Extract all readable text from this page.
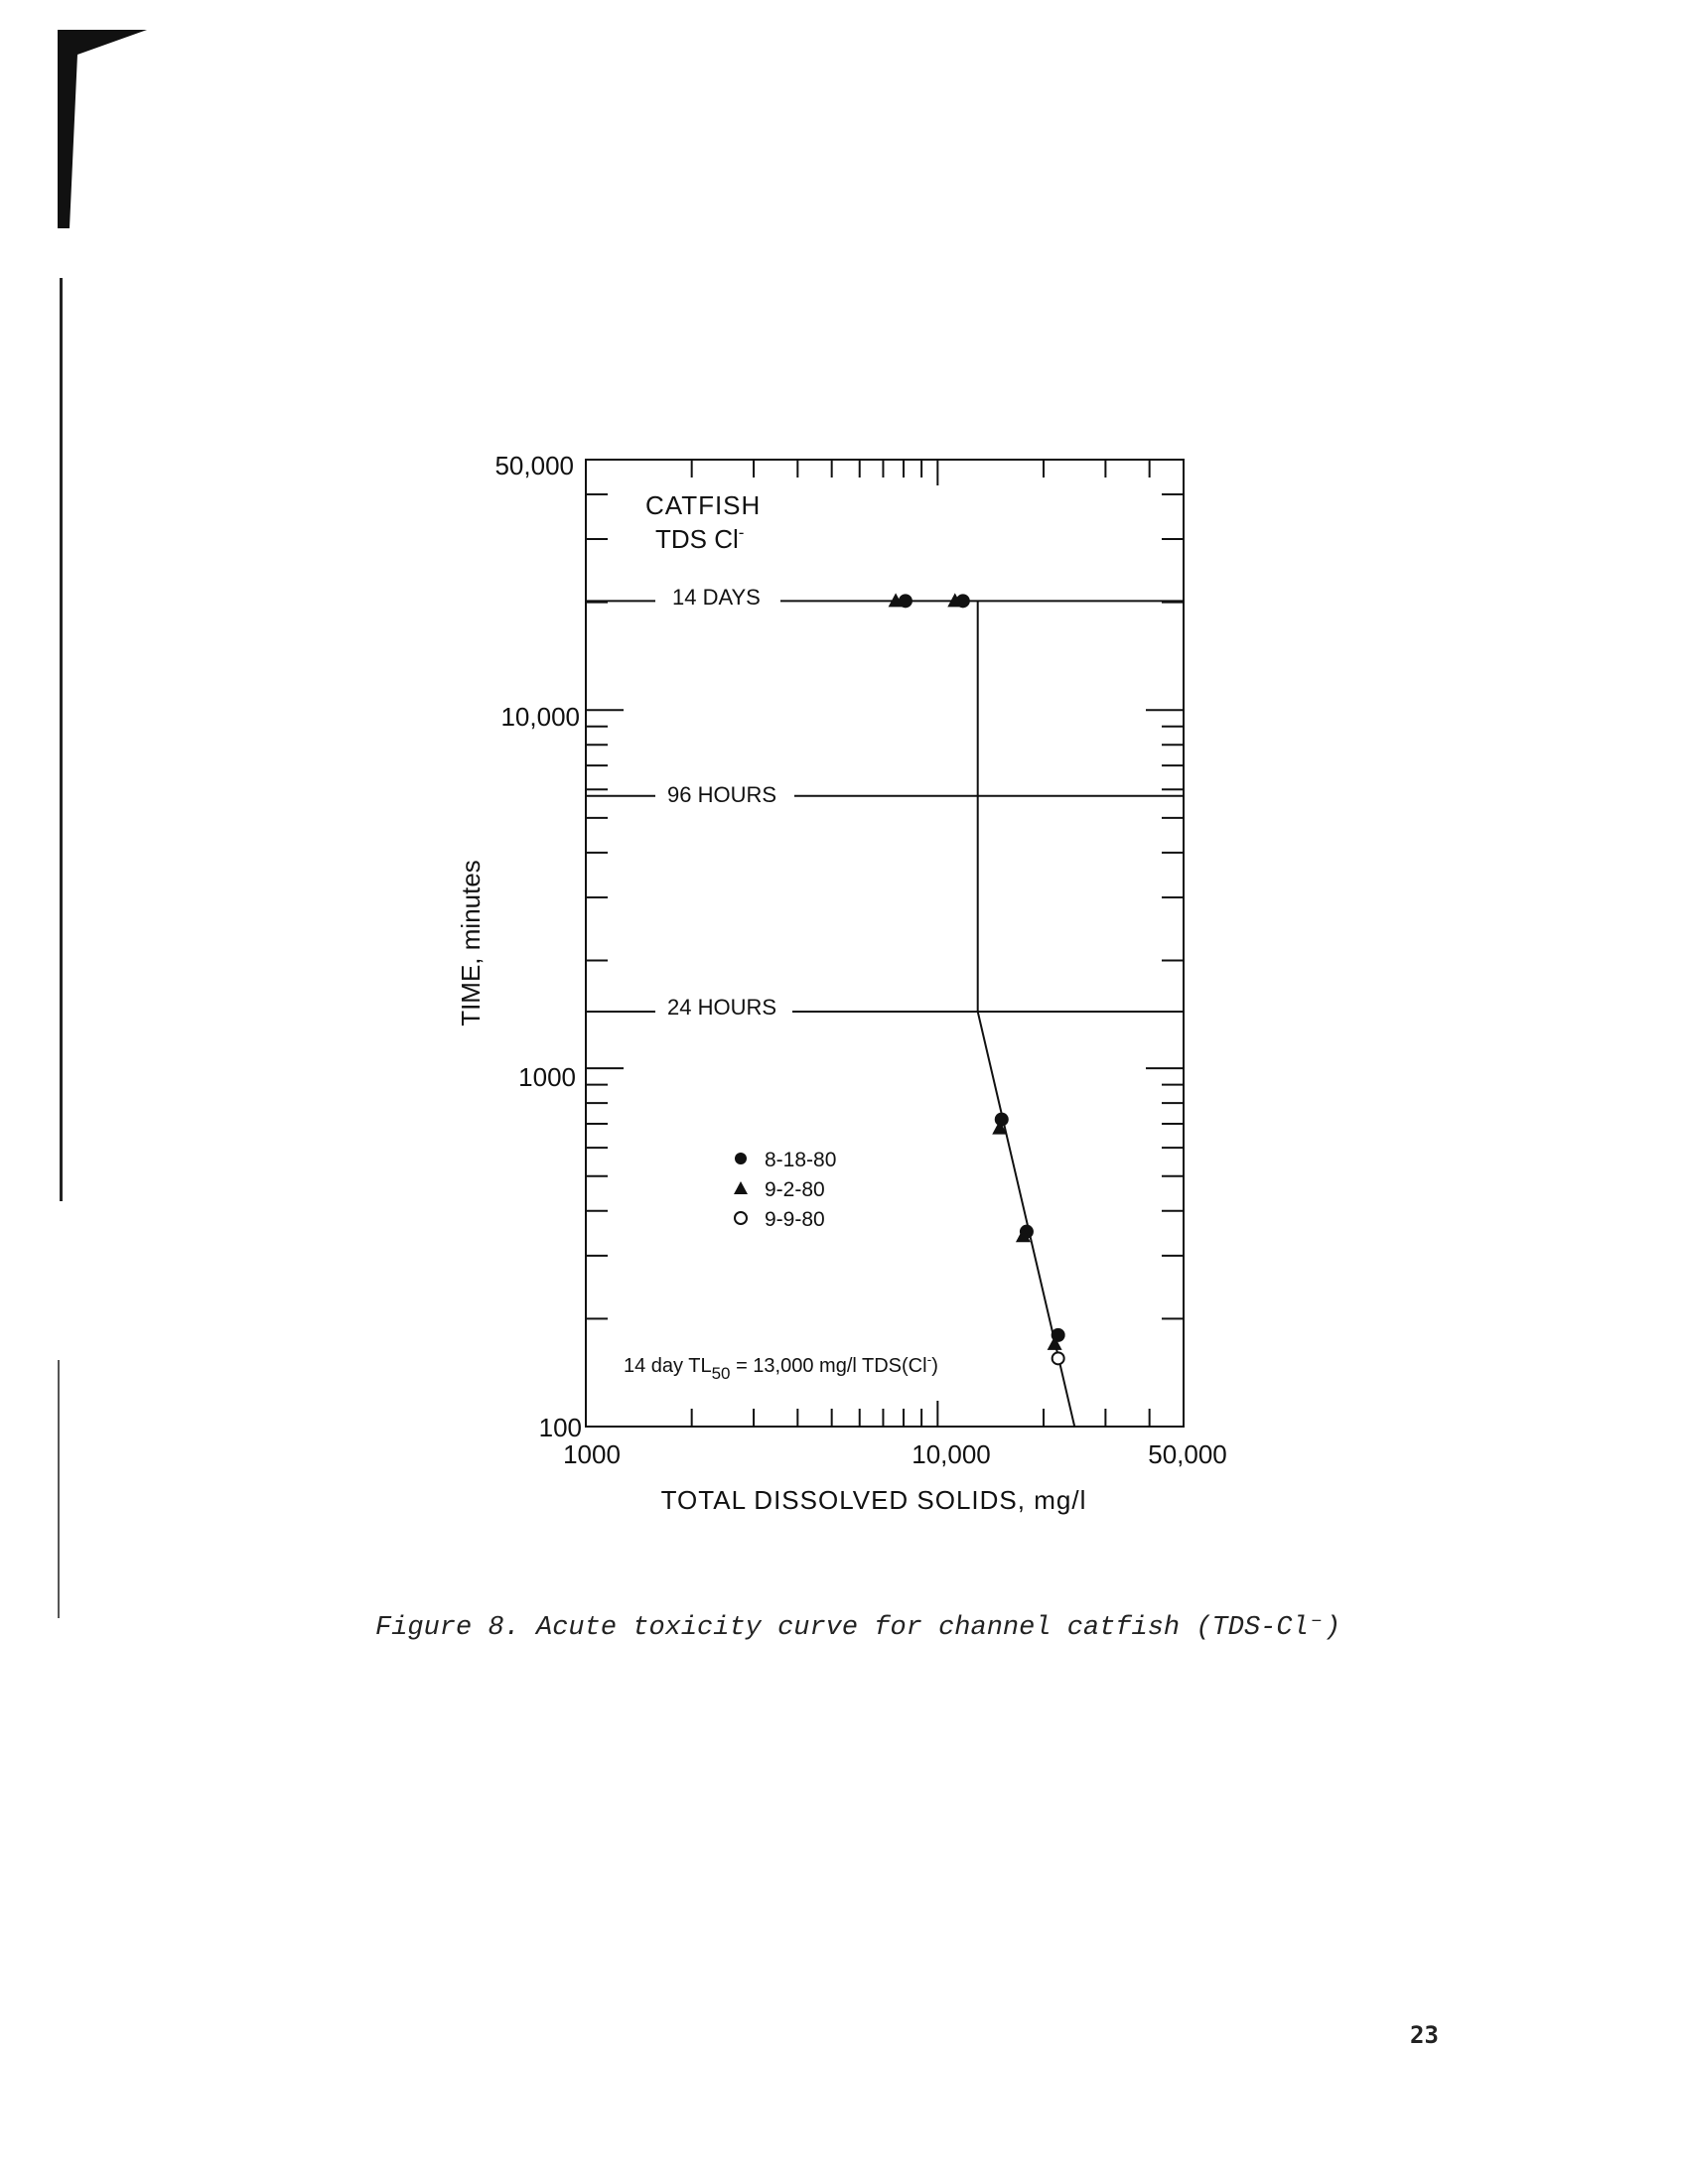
50,000
10,000
1000
100
1000	10,000	50,000
TOTAL DISSOLVED SOLIDS, mg/l
TIME, minutes
CATFISH
TDS Cl-
14 DAYS
96 HOURS
24 HOURS
8-18-80
9-2-80
9-9-80
14 day $TL_{50} = 13,000$ mg/l TDS(Cl-)
Figure 8. Acute toxicity curve for channel catfish (TDS-Cl⁻)
23
